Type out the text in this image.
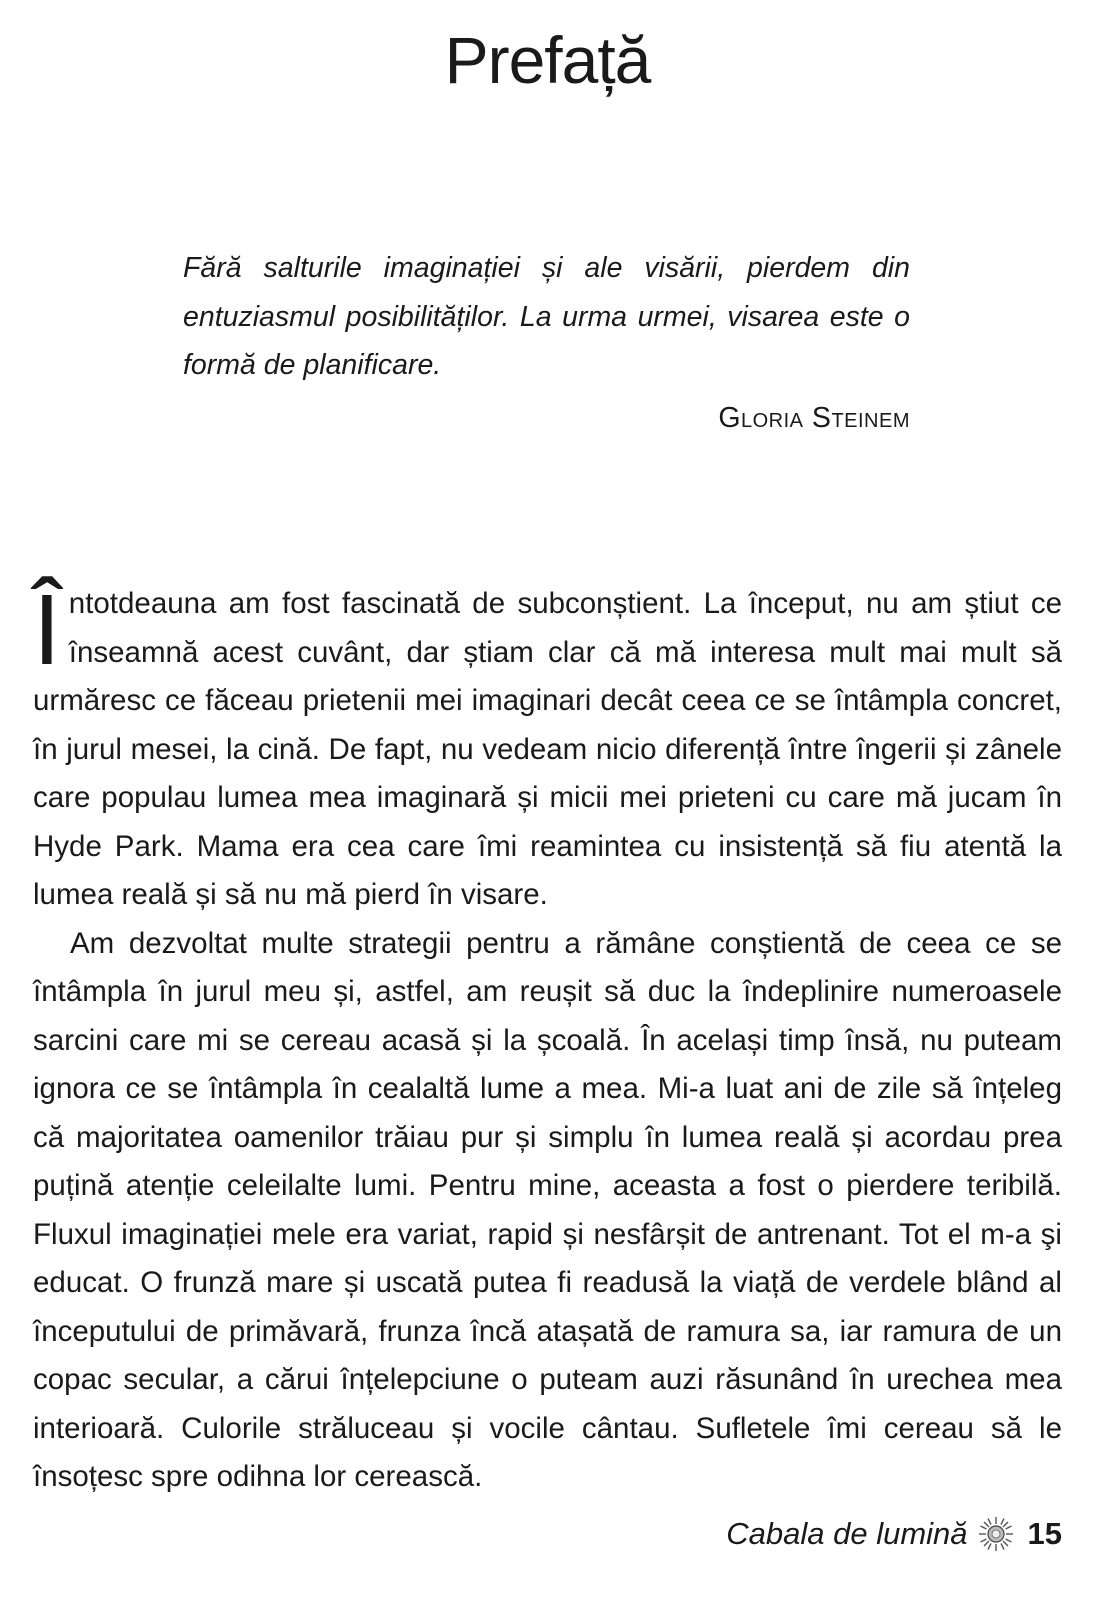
Prefață

Fără salturile imaginației și ale visării, pierdem din entuziasmul posibilităților. La urma urmei, visarea este o formă de planificare.

Gloria Steinem

Întotdeauna am fost fascinată de subconștient. La început, nu am știut ce înseamnă acest cuvânt, dar știam clar că mă interesa mult mai mult să urmăresc ce făceau prietenii mei imaginari decât ceea ce se întâmpla concret, în jurul mesei, la cină. De fapt, nu vedeam nicio diferență între îngerii și zânele care populau lumea mea imaginară și micii mei prieteni cu care mă jucam în Hyde Park. Mama era cea care îmi reamintea cu insistență să fiu atentă la lumea reală și să nu mă pierd în visare.

Am dezvoltat multe strategii pentru a rămâne conștientă de ceea ce se întâmpla în jurul meu și, astfel, am reușit să duc la îndeplinire numeroasele sarcini care mi se cereau acasă și la școală. În același timp însă, nu puteam ignora ce se întâmpla în cealaltă lume a mea. Mi-a luat ani de zile să înțeleg că majoritatea oamenilor trăiau pur și simplu în lumea reală și acordau prea puțină atenție celeilalte lumi. Pentru mine, aceasta a fost o pierdere teribilă. Fluxul imaginației mele era variat, rapid și nesfârșit de antrenant. Tot el m-a şi educat. O frunză mare și uscată putea fi readusă la viață de verdele blând al începutului de primăvară, frunza încă atașată de ramura sa, iar ramura de un copac secular, a cărui înțelepciune o puteam auzi răsunând în urechea mea interioară. Culorile străluceau și vocile cântau. Sufletele îmi cereau să le însoțesc spre odihna lor cerească.

Cabala de lumină 15
